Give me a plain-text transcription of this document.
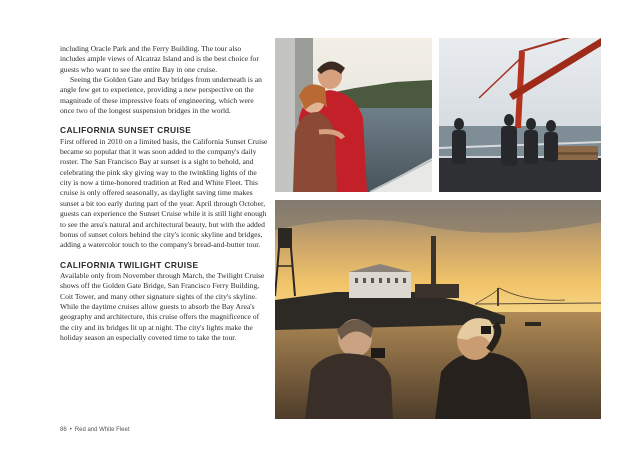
including Oracle Park and the Ferry Building. The tour also includes ample views of Alcatraz Island and is the best choice for guests who want to see the entire Bay in one cruise.

Seeing the Golden Gate and Bay bridges from underneath is an angle few get to experience, providing a new perspective on the magnitude of these impressive feats of engineering, which were once two of the longest suspension bridges in the world.

CALIFORNIA SUNSET CRUISE

First offered in 2010 on a limited basis, the California Sunset Cruise became so popular that it was soon added to the company's daily roster. The San Francisco Bay at sunset is a sight to behold, and celebrating the pink sky giving way to the twinkling lights of the city is now a time-honored tradition at Red and White Fleet. This cruise is only offered seasonally, as daylight saving time makes sunset a bit too early during part of the year. April through October, guests can experience the Sunset Cruise while it is still light enough to see the area's natural and architectural beauty, but with the added bonus of sunset colors behind the city's iconic skyline and bridges, adding a watercolor touch to the company's bread-and-butter tour.

CALIFORNIA TWILIGHT CRUISE

Available only from November through March, the Twilight Cruise shows off the Golden Gate Bridge, San Francisco Ferry Building, Coit Tower, and many other signature sights of the city's skyline. While the daytime cruises allow guests to absorb the Bay Area's geography and architecture, this cruise offers the magnificence of the city and its bridges lit up at night. The city's lights make the holiday season an especially coveted time to take the tour.

86 • Red and White Fleet
